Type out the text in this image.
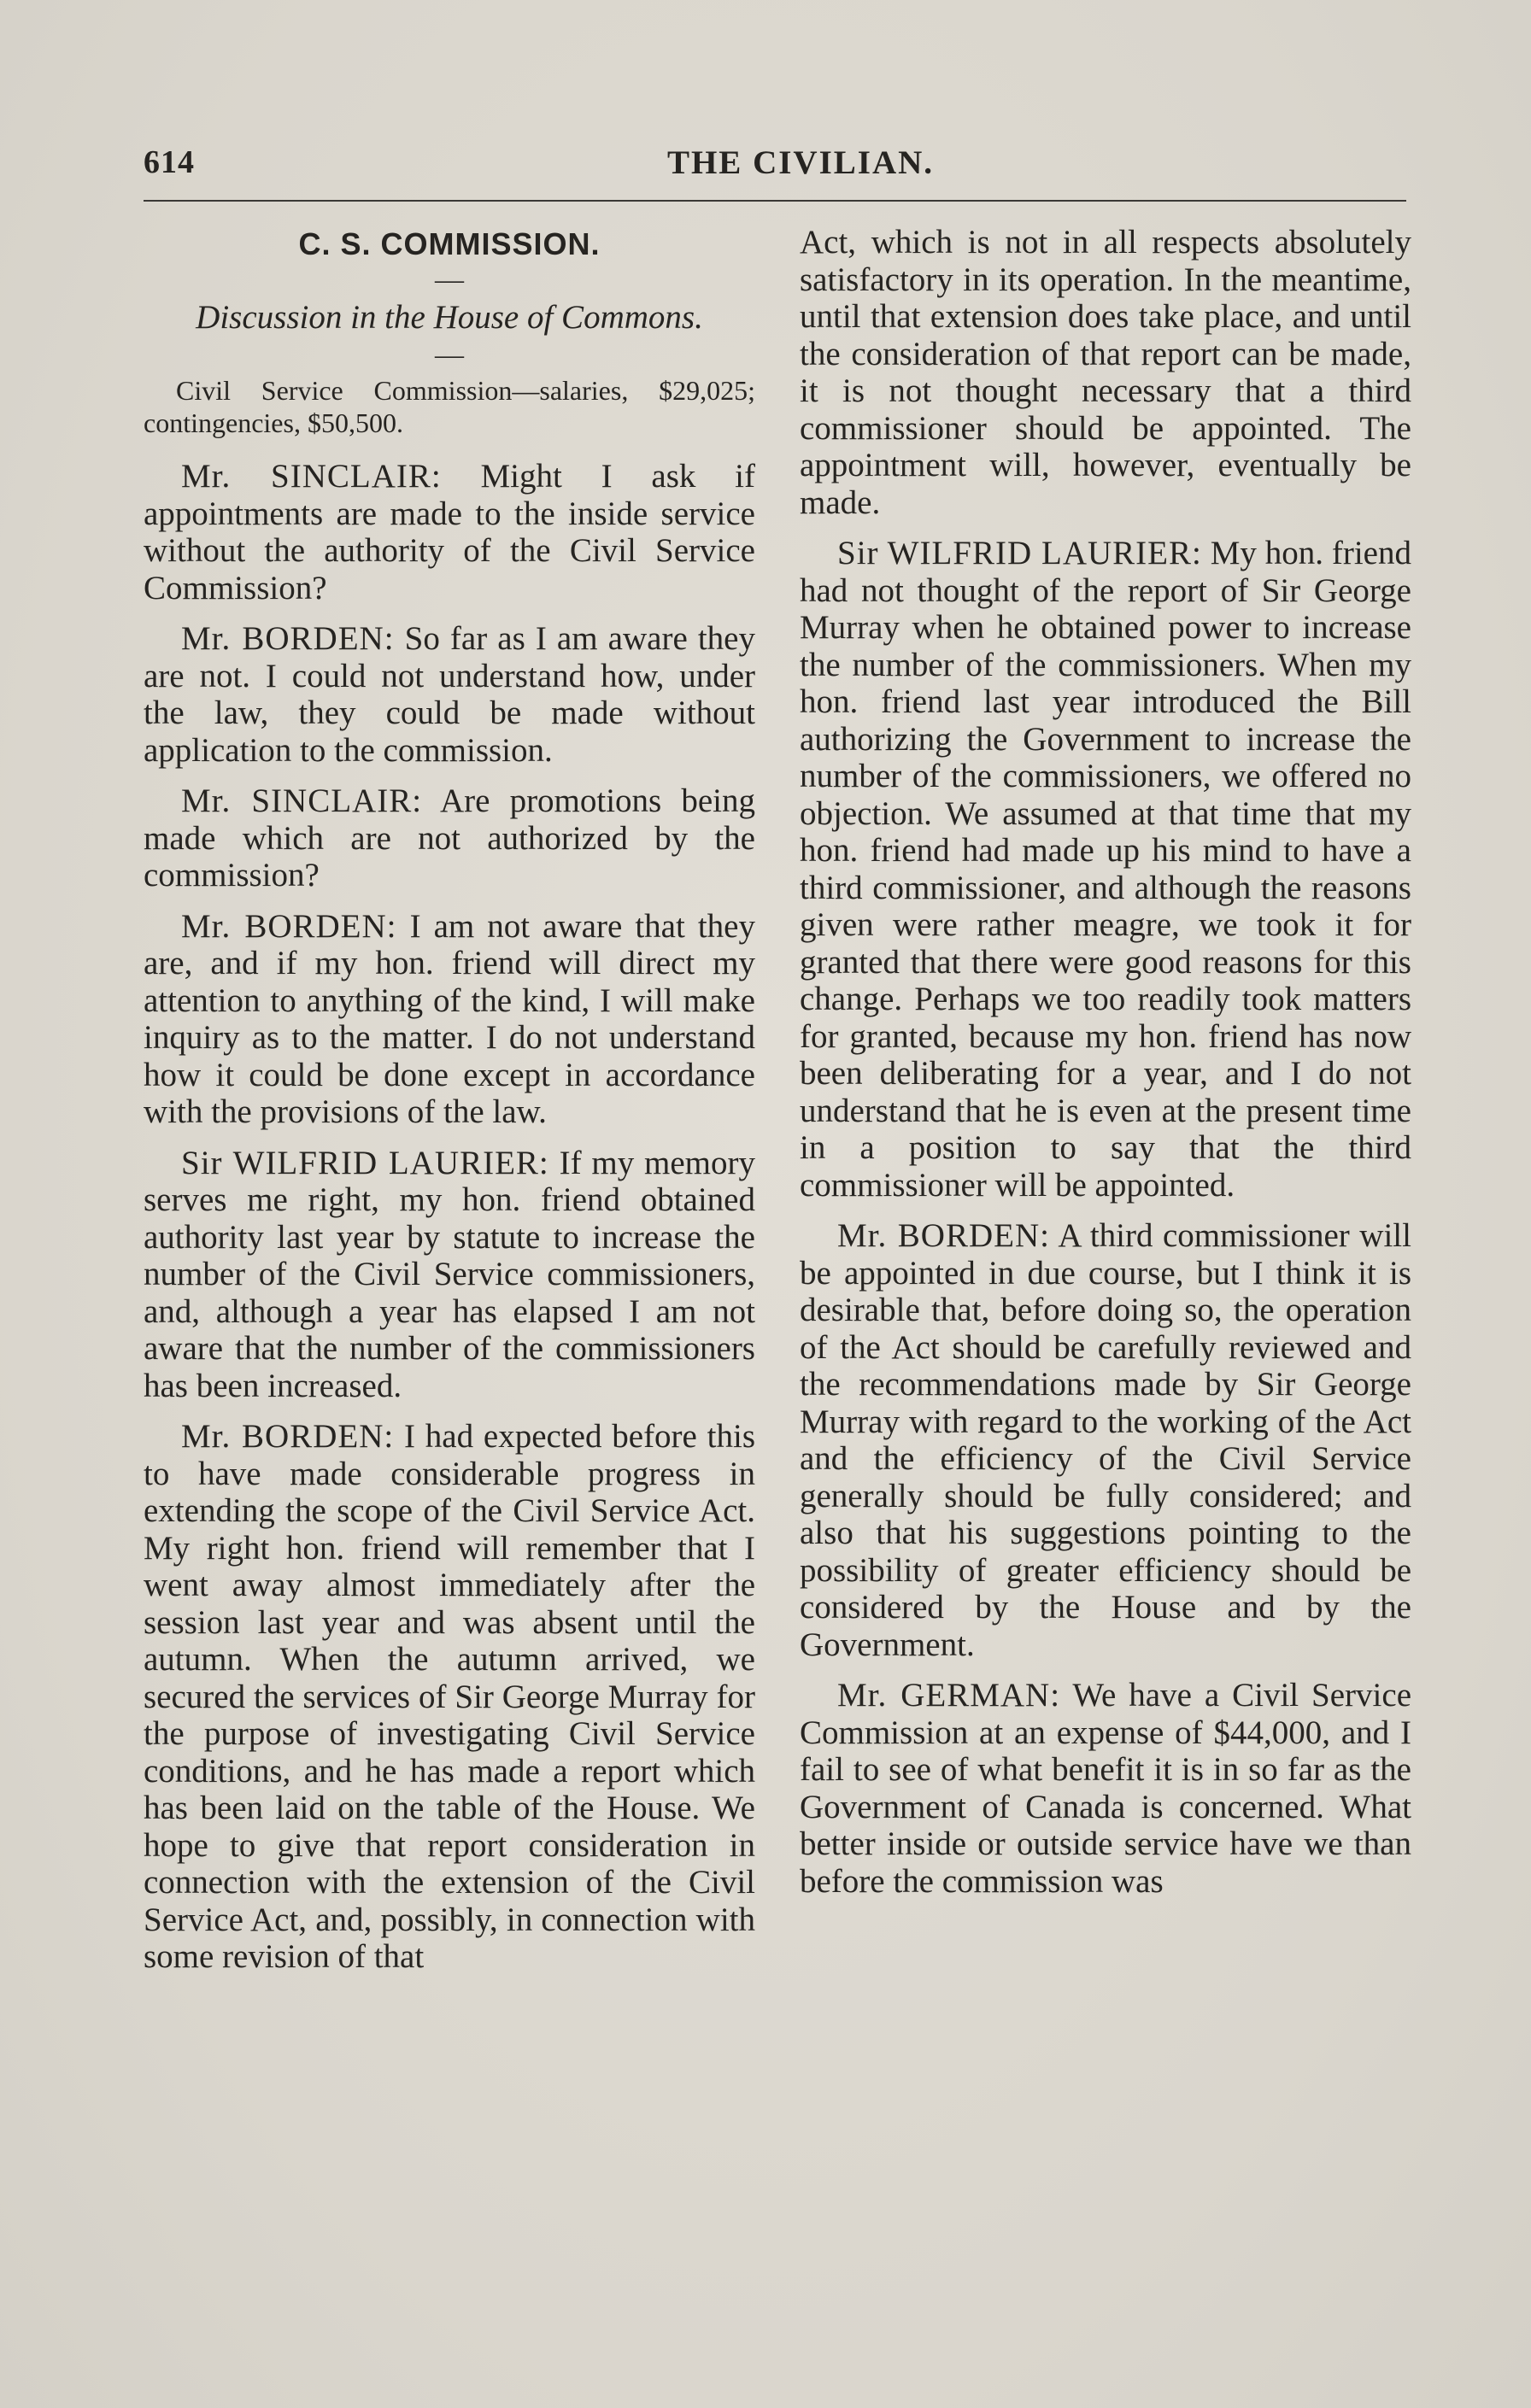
614	THE CIVILIAN.
C. S. COMMISSION.
—
Discussion in the House of Commons.
—
Civil Service Commission—salaries, $29,025; contingencies, $50,500.

Mr. SINCLAIR: Might I ask if appointments are made to the inside service without the authority of the Civil Service Commission?

Mr. BORDEN: So far as I am aware they are not. I could not understand how, under the law, they could be made without application to the commission.

Mr. SINCLAIR: Are promotions being made which are not authorized by the commission?

Mr. BORDEN: I am not aware that they are, and if my hon. friend will direct my attention to anything of the kind, I will make inquiry as to the matter. I do not understand how it could be done except in accordance with the provisions of the law.

Sir WILFRID LAURIER: If my memory serves me right, my hon. friend obtained authority last year by statute to increase the number of the Civil Service commissioners, and, although a year has elapsed I am not aware that the number of the commissioners has been increased.

Mr. BORDEN: I had expected before this to have made considerable progress in extending the scope of the Civil Service Act. My right hon. friend will remember that I went away almost immediately after the session last year and was absent until the autumn. When the autumn arrived, we secured the services of Sir George Murray for the purpose of investigating Civil Service conditions, and he has made a report which has been laid on the table of the House. We hope to give that report consideration in connection with the extension of the Civil Service Act, and, possibly, in connection with some revision of that

Act, which is not in all respects absolutely satisfactory in its operation. In the meantime, until that extension does take place, and until the consideration of that report can be made, it is not thought necessary that a third commissioner should be appointed. The appointment will, however, eventually be made.

Sir WILFRID LAURIER: My hon. friend had not thought of the report of Sir George Murray when he obtained power to increase the number of the commissioners. When my hon. friend last year introduced the Bill authorizing the Government to increase the number of the commissioners, we offered no objection. We assumed at that time that my hon. friend had made up his mind to have a third commissioner, and although the reasons given were rather meagre, we took it for granted that there were good reasons for this change. Perhaps we too readily took matters for granted, because my hon. friend has now been deliberating for a year, and I do not understand that he is even at the present time in a position to say that the third commissioner will be appointed.

Mr. BORDEN: A third commissioner will be appointed in due course, but I think it is desirable that, before doing so, the operation of the Act should be carefully reviewed and the recommendations made by Sir George Murray with regard to the working of the Act and the efficiency of the Civil Service generally should be fully considered; and also that his suggestions pointing to the possibility of greater efficiency should be considered by the House and by the Government.

Mr. GERMAN: We have a Civil Service Commission at an expense of $44,000, and I fail to see of what benefit it is in so far as the Government of Canada is concerned. What better inside or outside service have we than before the commission was
